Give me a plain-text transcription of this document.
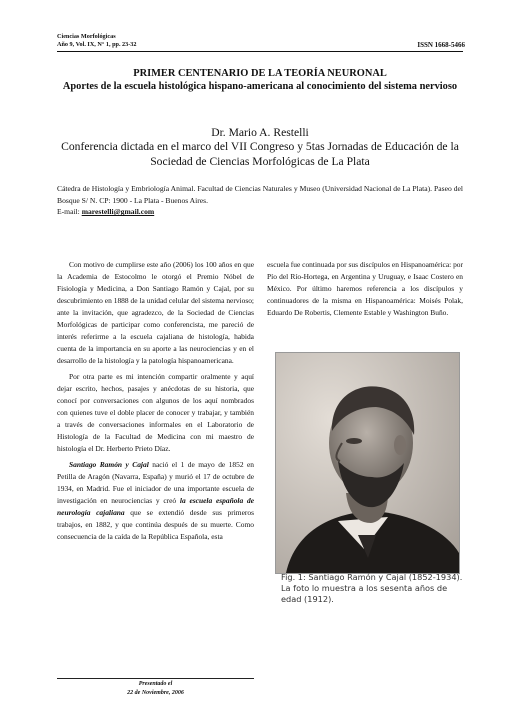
Ciencias Morfológicas
Año 9, Vol. IX, N° 1, pp. 23-32	ISSN 1668-5466
PRIMER CENTENARIO DE LA TEORÍA NEURONAL
Aportes de la escuela histológica hispano-americana al conocimiento del sistema nervioso
Dr. Mario A. Restelli
Conferencia dictada en el marco del VII Congreso y 5tas Jornadas de Educación de la Sociedad de Ciencias Morfológicas de La Plata
Cátedra de Histología y Embriología Animal. Facultad de Ciencias Naturales y Museo (Universidad Nacional de La Plata). Paseo del Bosque S/ N. CP: 1900 - La Plata - Buenos Aires.
E-mail: marestelli@gmail.com

Con motivo de cumplirse este año (2006) los 100 años en que la Academia de Estocolmo le otorgó el Premio Nóbel de Fisiología y Medicina, a Don Santiago Ramón y Cajal, por su descubrimiento en 1888 de la unidad celular del sistema nervioso; ante la invitación, que agradezco, de la Sociedad de Ciencias Morfológicas de participar como conferencista, me pareció de interés referirme a la escuela cajaliana de histología, habida cuenta de la importancia en su aporte a las neurociencias y en el desarrollo de la histología y la patología hispanoamericana.

Por otra parte es mi intención compartir oralmente y aquí dejar escrito, hechos, pasajes y anécdotas de su historia, que conocí por conversaciones con algunos de los aquí nombrados con quienes tuve el doble placer de conocer y trabajar, y también a través de conversaciones informales en el Laboratorio de Histología de la Facultad de Medicina con mi maestro de histología el Dr. Herberto Prieto Díaz.

Santiago Ramón y Cajal nació el 1 de mayo de 1852 en Petilla de Aragón (Navarra, España) y murió el 17 de octubre de 1934, en Madrid. Fue el iniciador de una importante escuela de investigación en neurociencias y creó la escuela española de neurología cajaliana que se extendió desde sus primeros trabajos, en 1882, y que continúa después de su muerte. Como consecuencia de la caída de la República Española, esta

escuela fue continuada por sus discípulos en Hispanoamérica: por Pío del Río-Hortega, en Argentina y Uruguay, e Isaac Costero en México. Por último haremos referencia a los discípulos y continuadores de la misma en Hispanoamérica: Moisés Polak, Eduardo De Robertis, Clemente Estable y Washington Buño.

Fig. 1: Santiago Ramón y Cajal (1852-1934). La foto lo muestra a los sesenta años de edad (1912).
Presentado el
22 de Noviembre, 2006
